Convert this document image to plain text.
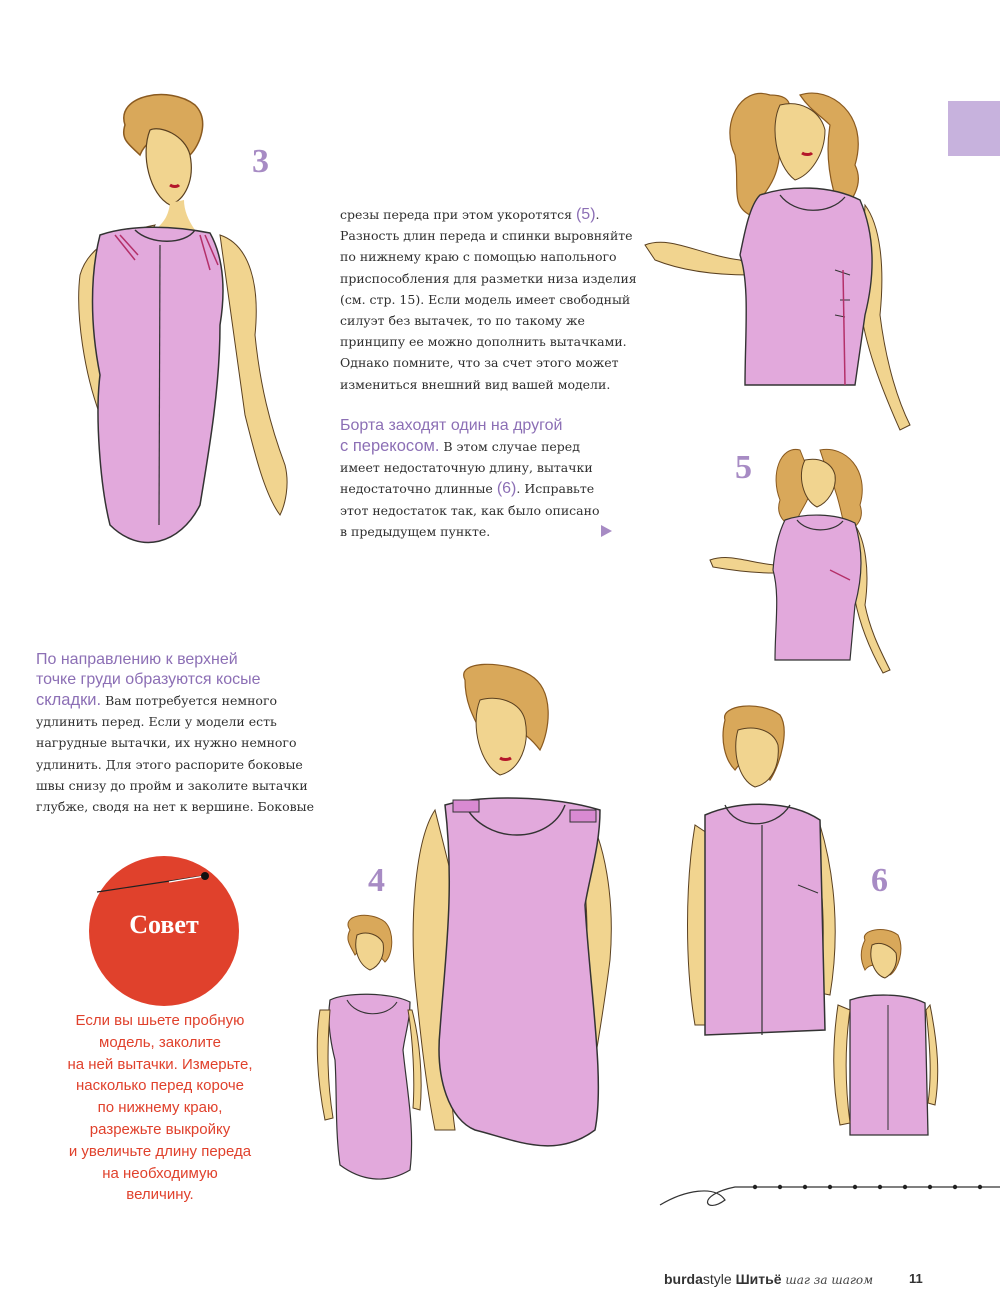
3
5
4	6
срезы переда при этом укоротятся (5).
Разность длин переда и спинки выровняйте
по нижнему краю с помощью напольного
приспособления для разметки низа изделия
(см. стр. 15). Если модель имеет свободный
силуэт без вытачек, то по такому же
принципу ее можно дополнить вытачками.
Однако помните, что за счет этого может
измениться внешний вид вашей модели.
Борта заходят один на другой
с перекосом. В этом случае перед
имеет недостаточную длину, вытачки
недостаточно длинные (6). Исправьте
этот недостаток так, как было описано
в предыдущем пункте.
По направлению к верхней
точке груди образуются косые
складки. Вам потребуется немного
удлинить перед. Если у модели есть
нагрудные вытачки, их нужно немного
удлинить. Для этого распорите боковые
швы снизу до пройм и заколите вытачки
глубже, сводя на нет к вершине. Боковые
Совет
Если вы шьете пробную
модель, заколите
на ней вытачки. Измерьте,
насколько перед короче
по нижнему краю,
разрежьте выкройку
и увеличьте длину переда
на необходимую
величину.
burdastyle Шитьё шаг за шагом	11
